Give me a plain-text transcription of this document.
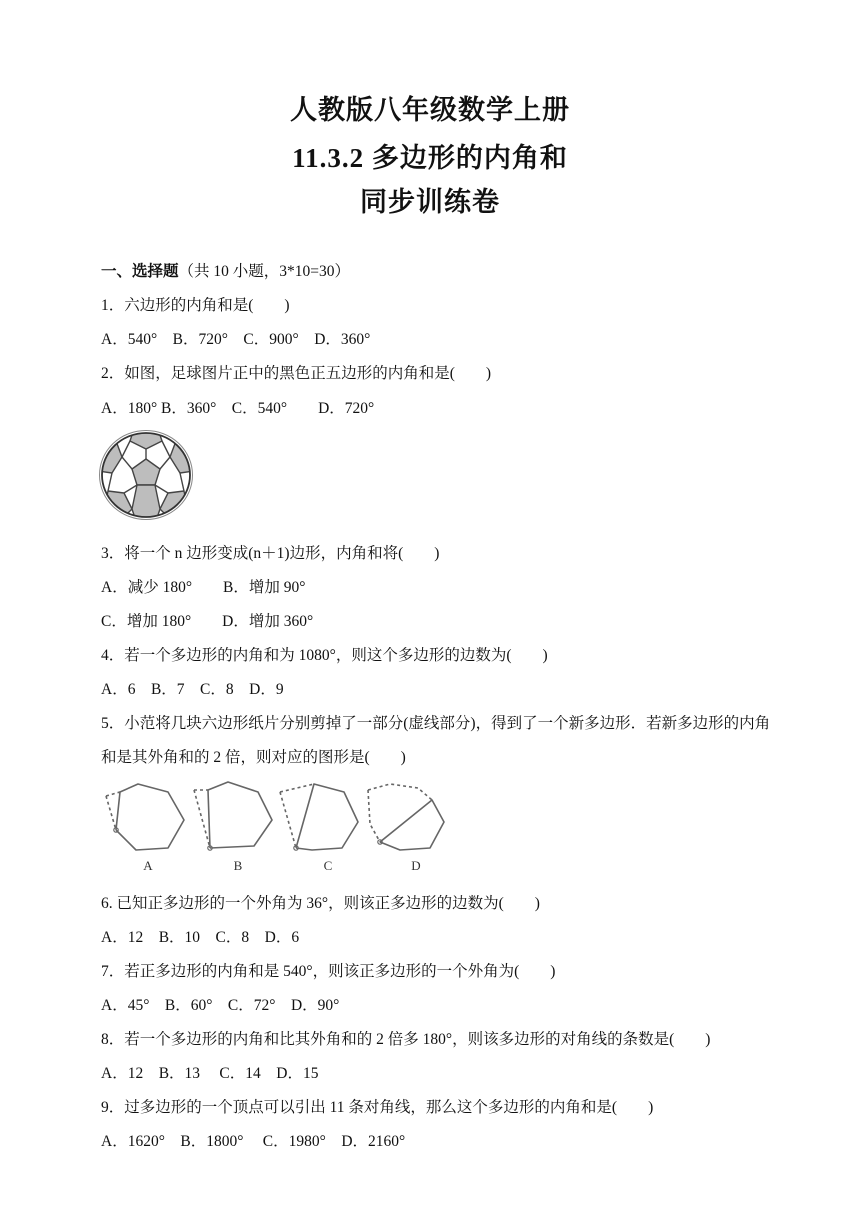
人教版八年级数学上册
11.3.2 多边形的内角和
同步训练卷
一、选择题（共 10 小题，3*10=30）
1．六边形的内角和是(　　)
A．540°　B．720°　C．900°　D．360°
2．如图，足球图片正中的黑色正五边形的内角和是(　　)
A．180° B．360°　C．540°　　D．720°
3．将一个 n 边形变成(n＋1)边形，内角和将(　　)
A．减少 180°　　B．增加 90°
C．增加 180°　　D．增加 360°
4．若一个多边形的内角和为 1080°，则这个多边形的边数为(　　)
A．6　B．7　C．8　D．9
5．小范将几块六边形纸片分别剪掉了一部分(虚线部分)，得到了一个新多边形．若新多边形的内角
和是其外角和的 2 倍，则对应的图形是(　　)
A	B	C	D
6. 已知正多边形的一个外角为 36°，则该正多边形的边数为(　　)
A．12　B．10　C．8　D．6
7．若正多边形的内角和是 540°，则该正多边形的一个外角为(　　)
A．45°　B．60°　C．72°　D．90°
8．若一个多边形的内角和比其外角和的 2 倍多 180°，则该多边形的对角线的条数是(　　)
A．12　B．13　 C．14　D．15
9．过多边形的一个顶点可以引出 11 条对角线，那么这个多边形的内角和是(　　)
A．1620°　B．1800°　 C．1980°　D．2160°
